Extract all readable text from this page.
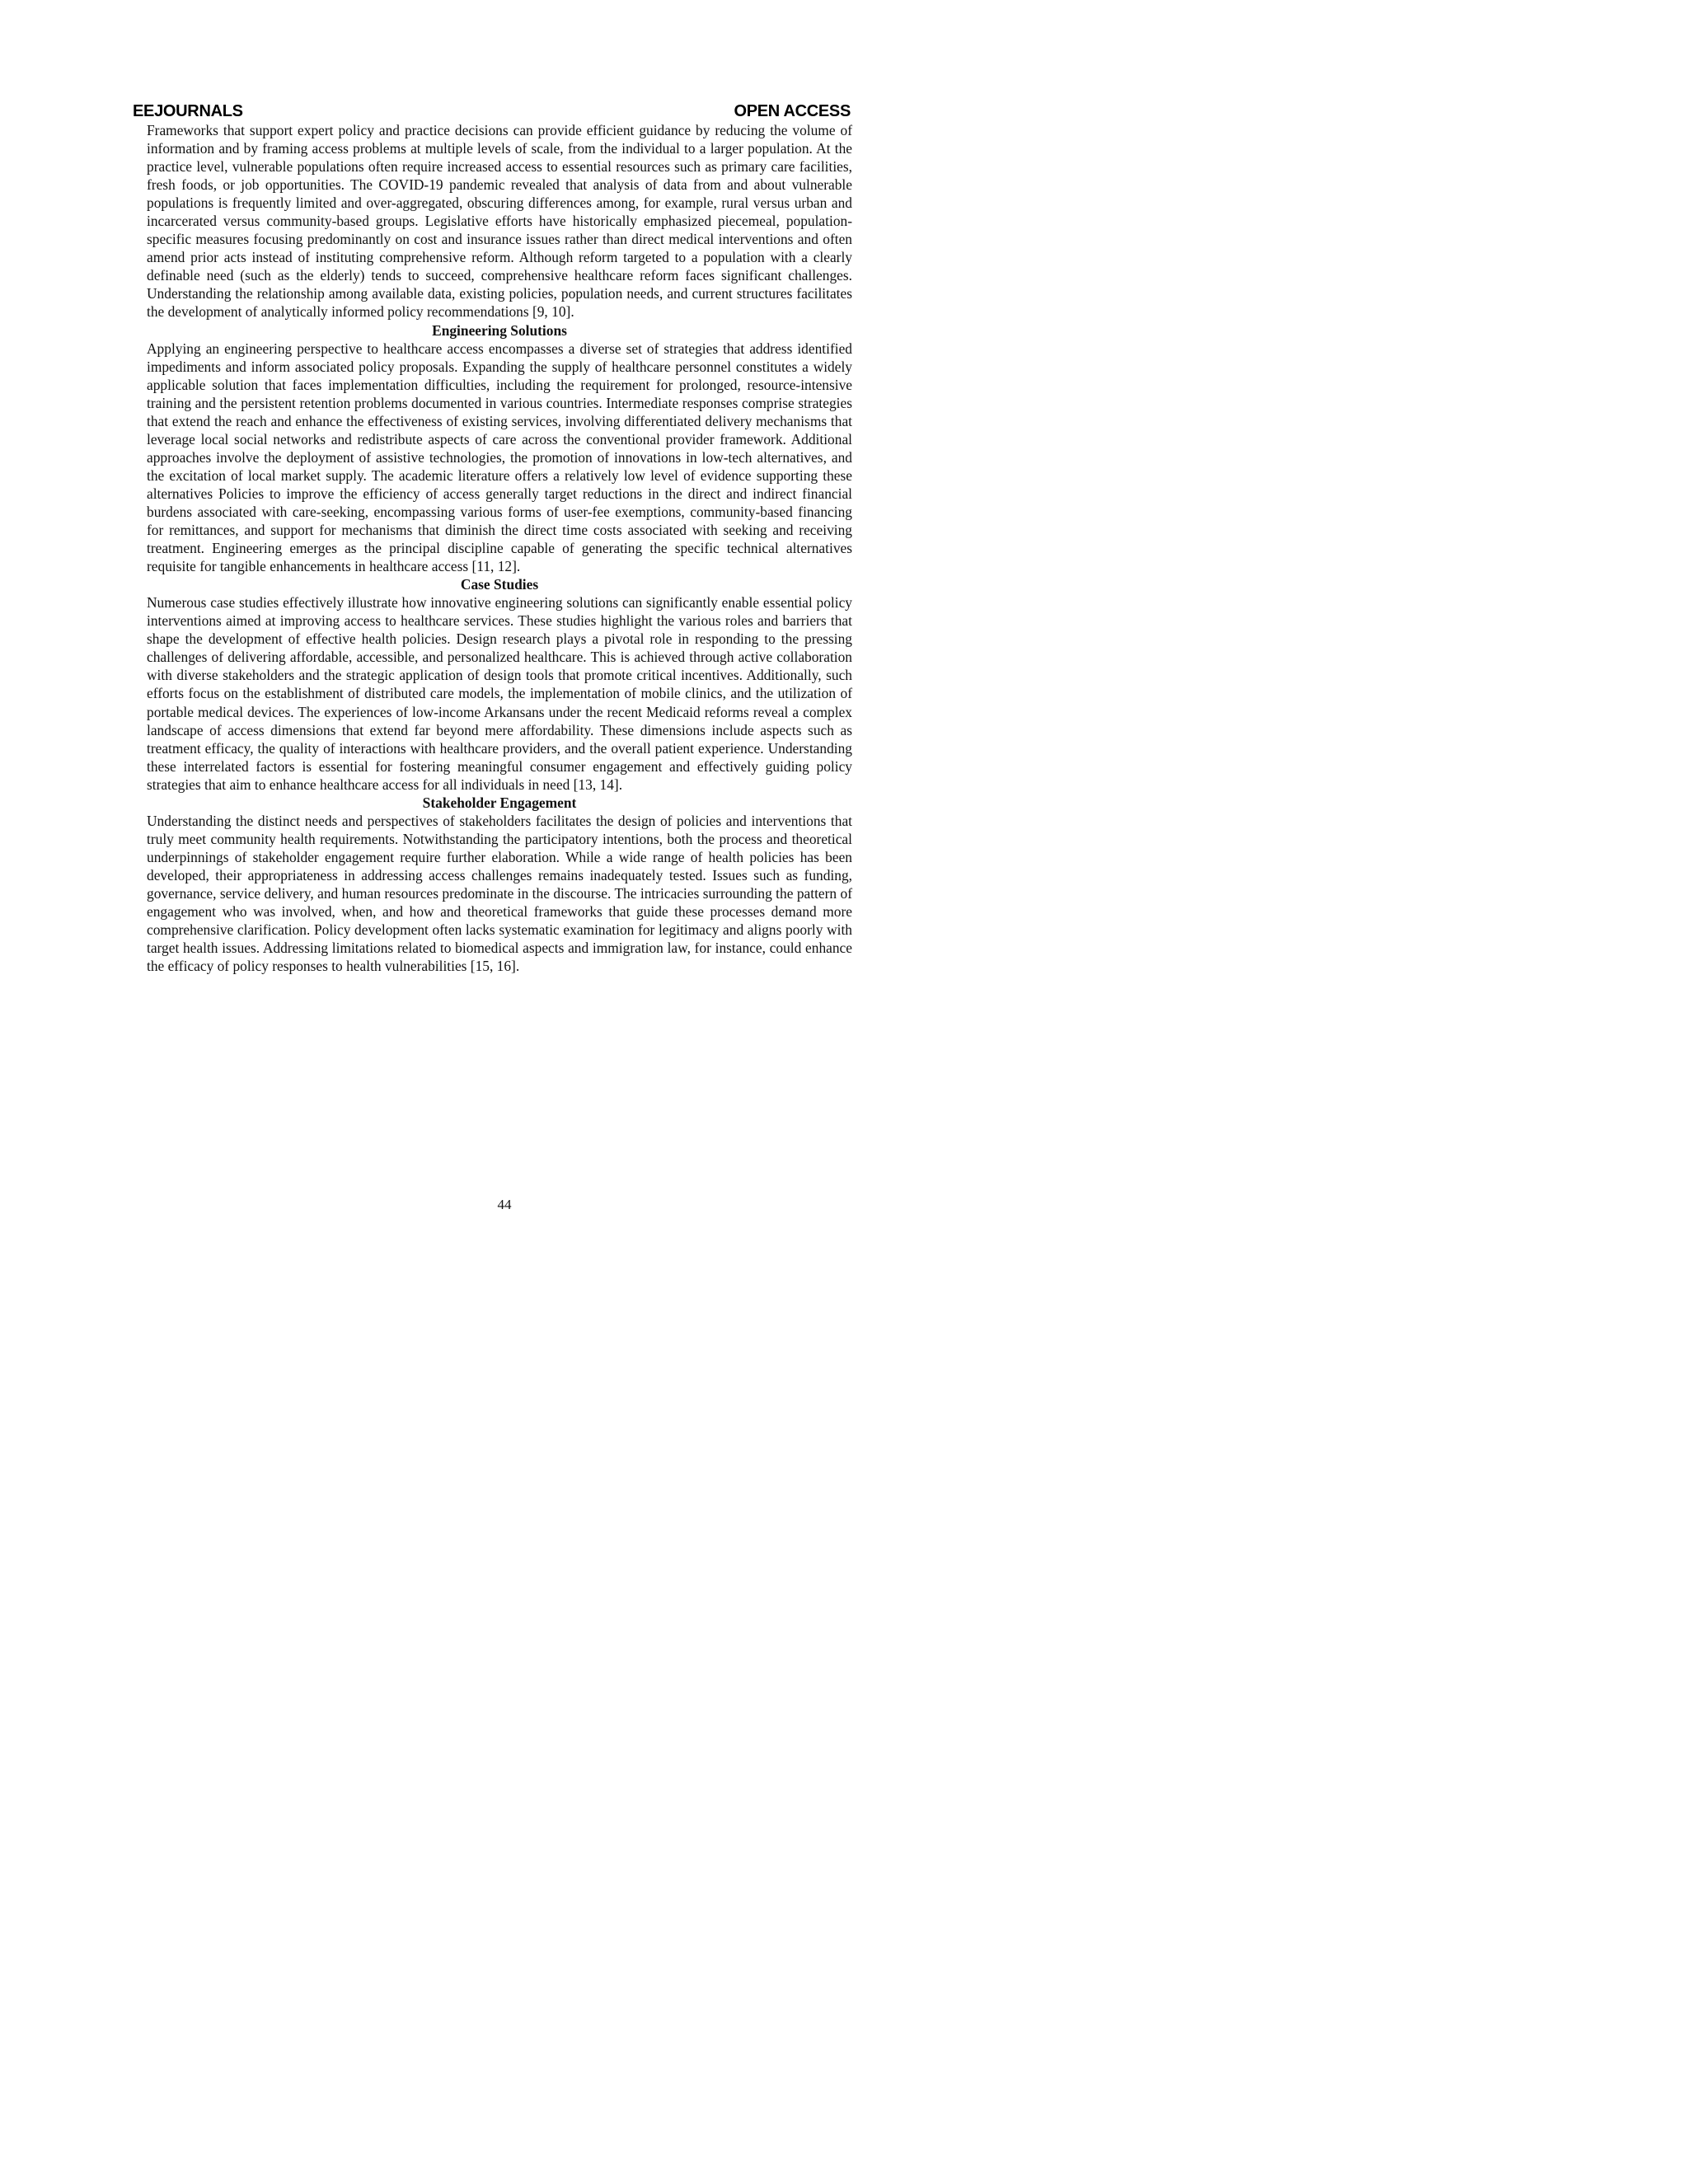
EEJOURNALS	OPEN ACCESS

Frameworks that support expert policy and practice decisions can provide efficient guidance by reducing the volume of information and by framing access problems at multiple levels of scale, from the individual to a larger population. At the practice level, vulnerable populations often require increased access to essential resources such as primary care facilities, fresh foods, or job opportunities. The COVID-19 pandemic revealed that analysis of data from and about vulnerable populations is frequently limited and over-aggregated, obscuring differences among, for example, rural versus urban and incarcerated versus community-based groups. Legislative efforts have historically emphasized piecemeal, population-specific measures focusing predominantly on cost and insurance issues rather than direct medical interventions and often amend prior acts instead of instituting comprehensive reform. Although reform targeted to a population with a clearly definable need (such as the elderly) tends to succeed, comprehensive healthcare reform faces significant challenges. Understanding the relationship among available data, existing policies, population needs, and current structures facilitates the development of analytically informed policy recommendations [9, 10].

Engineering Solutions

Applying an engineering perspective to healthcare access encompasses a diverse set of strategies that address identified impediments and inform associated policy proposals. Expanding the supply of healthcare personnel constitutes a widely applicable solution that faces implementation difficulties, including the requirement for prolonged, resource-intensive training and the persistent retention problems documented in various countries. Intermediate responses comprise strategies that extend the reach and enhance the effectiveness of existing services, involving differentiated delivery mechanisms that leverage local social networks and redistribute aspects of care across the conventional provider framework. Additional approaches involve the deployment of assistive technologies, the promotion of innovations in low-tech alternatives, and the excitation of local market supply. The academic literature offers a relatively low level of evidence supporting these alternatives Policies to improve the efficiency of access generally target reductions in the direct and indirect financial burdens associated with care-seeking, encompassing various forms of user-fee exemptions, community-based financing for remittances, and support for mechanisms that diminish the direct time costs associated with seeking and receiving treatment. Engineering emerges as the principal discipline capable of generating the specific technical alternatives requisite for tangible enhancements in healthcare access [11, 12].

Case Studies

Numerous case studies effectively illustrate how innovative engineering solutions can significantly enable essential policy interventions aimed at improving access to healthcare services. These studies highlight the various roles and barriers that shape the development of effective health policies. Design research plays a pivotal role in responding to the pressing challenges of delivering affordable, accessible, and personalized healthcare. This is achieved through active collaboration with diverse stakeholders and the strategic application of design tools that promote critical incentives. Additionally, such efforts focus on the establishment of distributed care models, the implementation of mobile clinics, and the utilization of portable medical devices. The experiences of low-income Arkansans under the recent Medicaid reforms reveal a complex landscape of access dimensions that extend far beyond mere affordability. These dimensions include aspects such as treatment efficacy, the quality of interactions with healthcare providers, and the overall patient experience. Understanding these interrelated factors is essential for fostering meaningful consumer engagement and effectively guiding policy strategies that aim to enhance healthcare access for all individuals in need [13, 14].

Stakeholder Engagement

Understanding the distinct needs and perspectives of stakeholders facilitates the design of policies and interventions that truly meet community health requirements. Notwithstanding the participatory intentions, both the process and theoretical underpinnings of stakeholder engagement require further elaboration. While a wide range of health policies has been developed, their appropriateness in addressing access challenges remains inadequately tested. Issues such as funding, governance, service delivery, and human resources predominate in the discourse. The intricacies surrounding the pattern of engagement who was involved, when, and how and theoretical frameworks that guide these processes demand more comprehensive clarification. Policy development often lacks systematic examination for legitimacy and aligns poorly with target health issues. Addressing limitations related to biomedical aspects and immigration law, for instance, could enhance the efficacy of policy responses to health vulnerabilities [15, 16].

44
